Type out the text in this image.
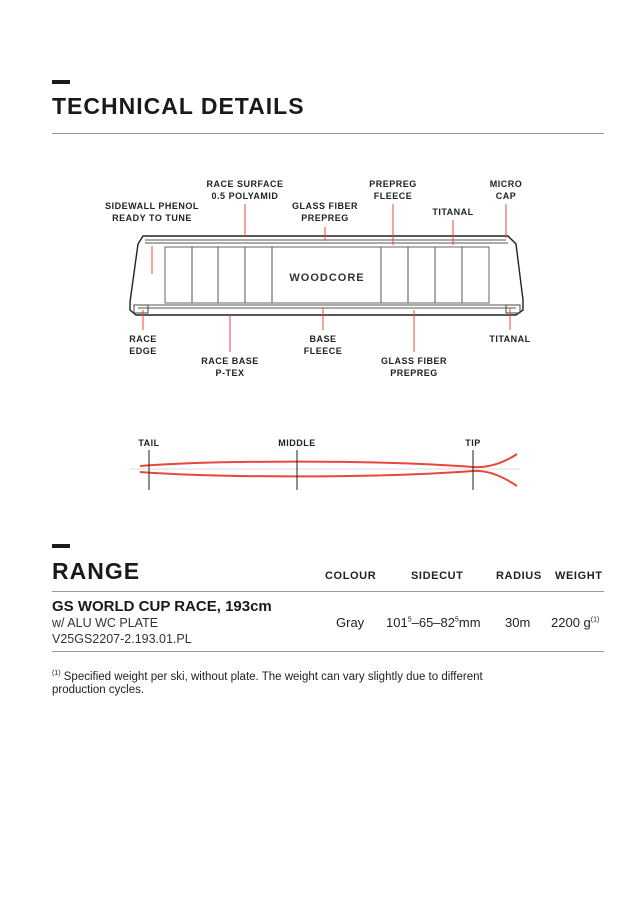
TECHNICAL DETAILS
SIDEWALL PHENOL
READY TO TUNE
RACE SURFACE
0.5 POLYAMID
GLASS FIBER
PREPREG
PREPREG
FLEECE
TITANAL
MICRO
CAP
RACE
EDGE
RACE BASE
P-TEX
BASE
FLEECE
GLASS FIBER
PREPREG
TITANAL
WOODCORE
TAIL	MIDDLE	TIP
RANGE	COLOUR	SIDECUT	RADIUS WEIGHT
GS WORLD CUP RACE, 193cm
w/ ALU WC PLATE
V25GS2207-2.193.01.PL
Gray $101^5-65-82^5mm$ 30m 2200 $g^{(1)}$
$^{(1)}$ Specified weight per ski, without plate. The weight can vary slightly due to different production cycles.
